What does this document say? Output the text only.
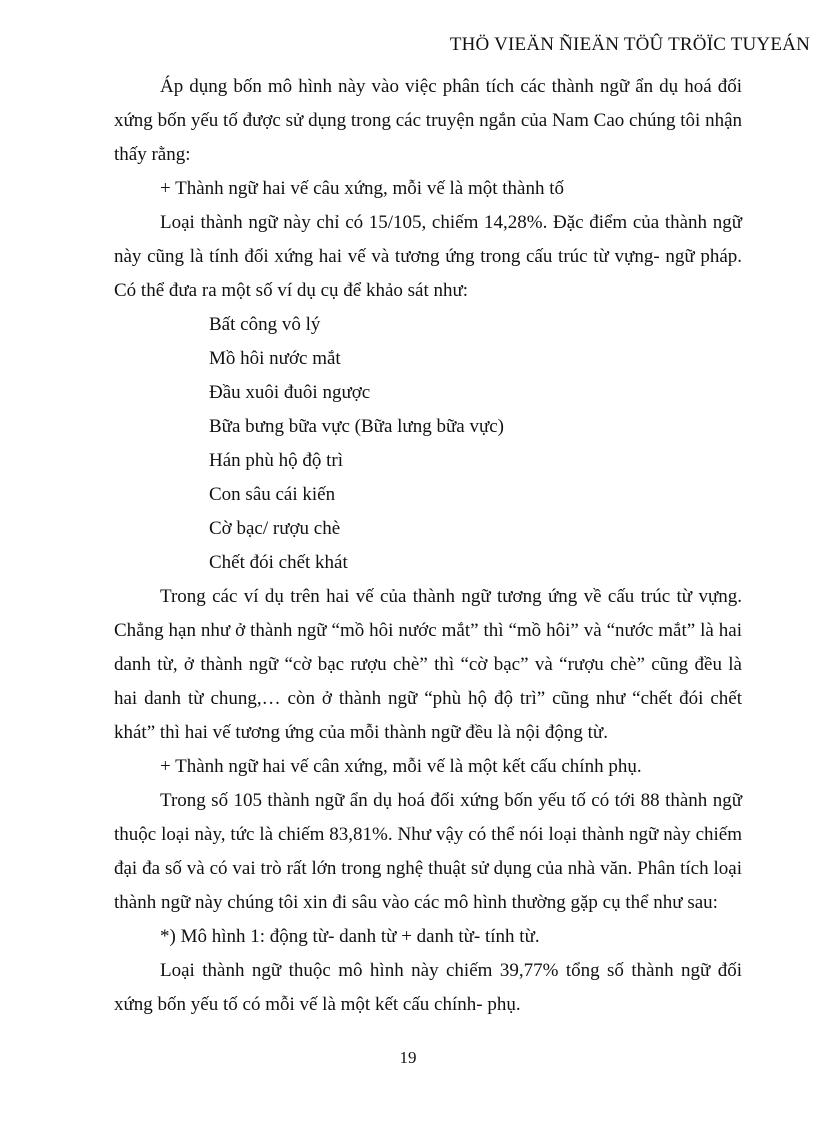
THÖ VIEÄN ÑIEÄN TÖÛ TRÖÏC TUYEÁN

Áp dụng bốn mô hình này vào việc phân tích các thành ngữ ẩn dụ hoá đối xứng bốn yếu tố được sử dụng trong các truyện ngắn của Nam Cao chúng tôi nhận thấy rằng:

+ Thành ngữ hai vế câu xứng, mỗi vế là một thành tố

Loại thành ngữ này chỉ có 15/105, chiếm 14,28%. Đặc điểm của thành ngữ này cũng là tính đối xứng hai vế và tương ứng trong cấu trúc từ vựng- ngữ pháp. Có thể đưa ra một số ví dụ cụ để khảo sát như:

Bất công vô lý
Mồ hôi nước mắt
Đầu xuôi đuôi ngược
Bữa bưng bữa vực (Bữa lưng bữa vực)
Hán phù hộ độ trì
Con sâu cái kiến
Cờ bạc/ rượu chè
Chết đói chết khát

Trong các ví dụ trên hai vế của thành ngữ tương ứng về cấu trúc từ vựng. Chẳng hạn như ở thành ngữ “mồ hôi nước mắt” thì “mồ hôi” và “nước mắt” là hai danh từ, ở thành ngữ “cờ bạc rượu chè” thì “cờ bạc” và “rượu chè” cũng đều là hai danh từ chung,… còn ở thành ngữ “phù hộ độ trì” cũng như “chết đói chết khát” thì hai vế tương ứng của mỗi thành ngữ đều là nội động từ.

+ Thành ngữ hai vế cân xứng, mỗi vế là một kết cấu chính phụ.

Trong số 105 thành ngữ ẩn dụ hoá đối xứng bốn yếu tố có tới 88 thành ngữ thuộc loại này, tức là chiếm 83,81%. Như vậy có thể nói loại thành ngữ này chiếm đại đa số và có vai trò rất lớn trong nghệ thuật sử dụng của nhà văn. Phân tích loại thành ngữ này chúng tôi xin đi sâu vào các mô hình thường gặp cụ thể như sau:

*) Mô hình 1: động từ- danh từ + danh từ- tính từ.

Loại thành ngữ thuộc mô hình này chiếm 39,77% tổng số thành ngữ đối xứng bốn yếu tố có mỗi vế là một kết cấu chính- phụ.

19
